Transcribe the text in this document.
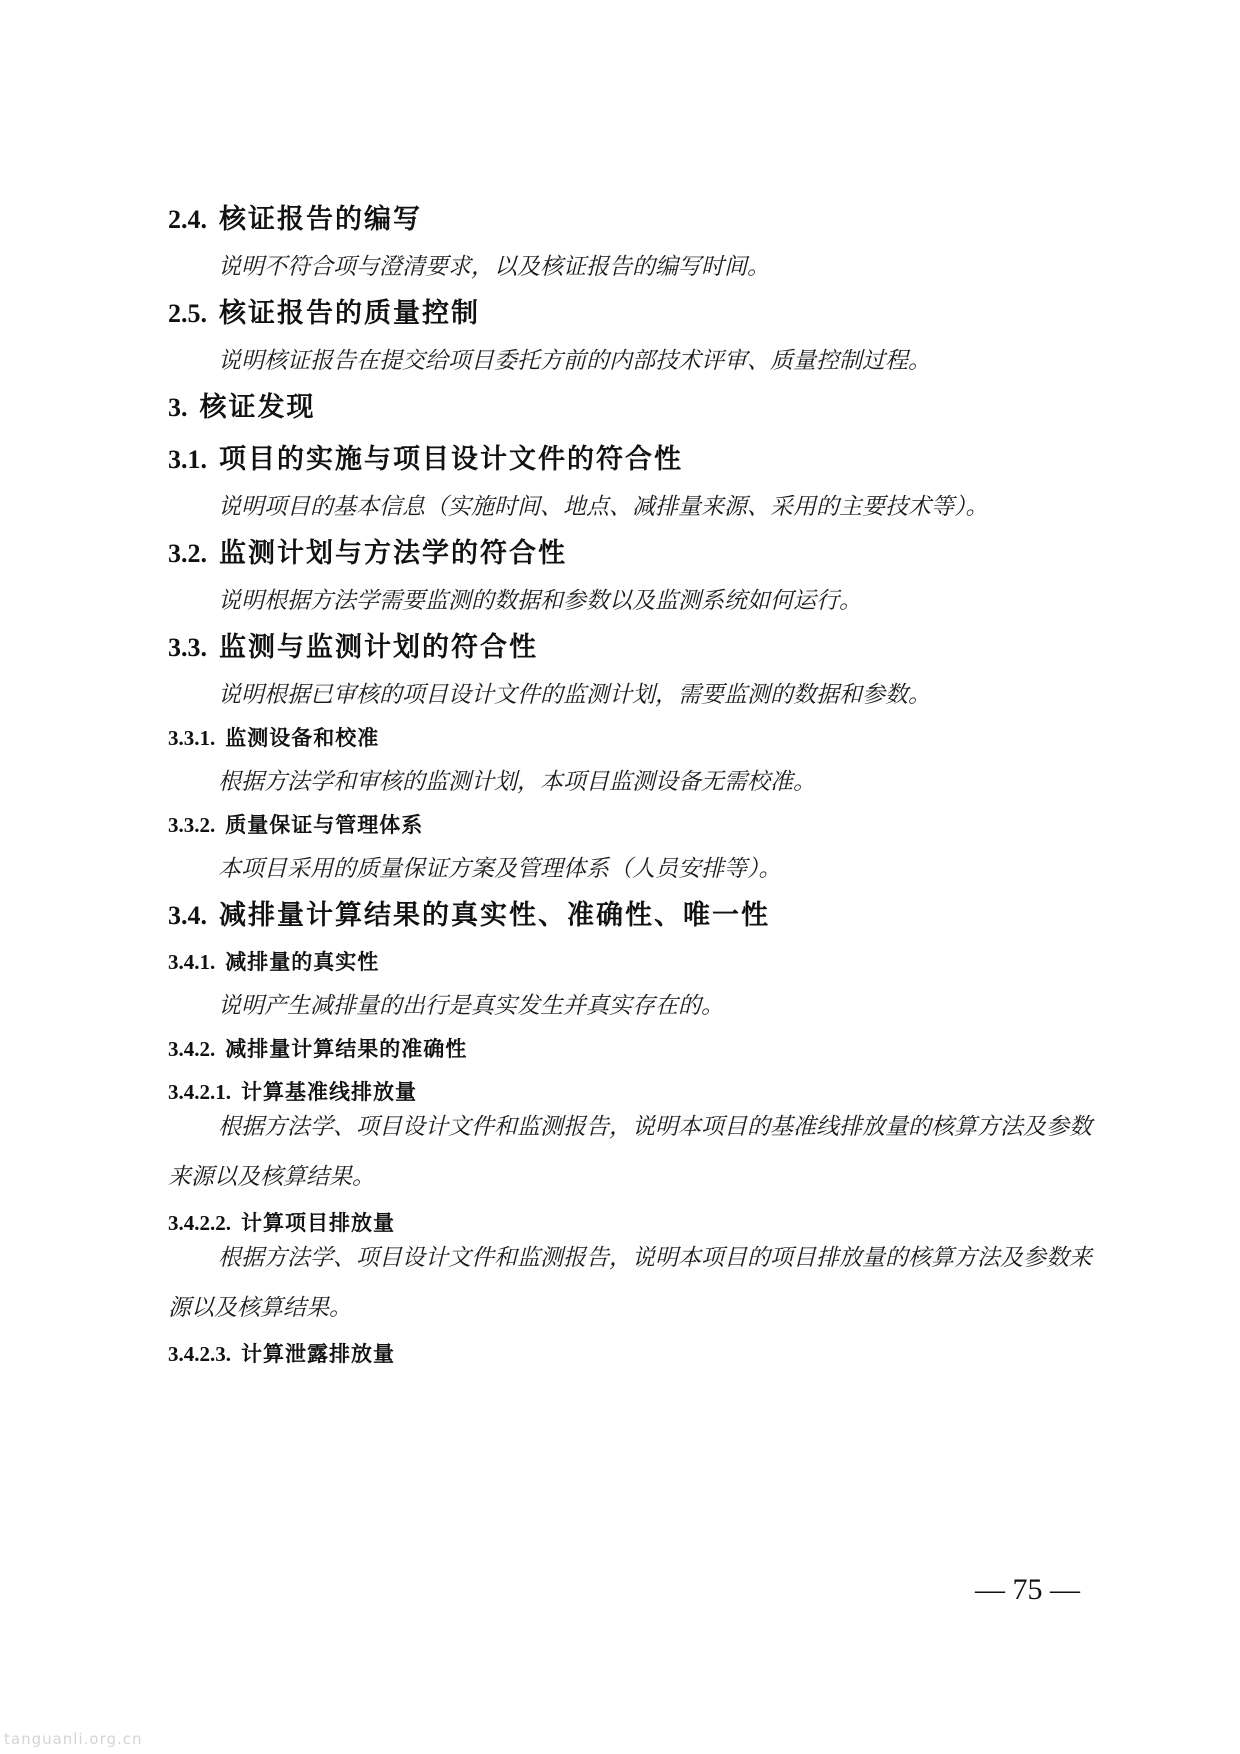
2.4. 核证报告的编写
说明不符合项与澄清要求，以及核证报告的编写时间。
2.5. 核证报告的质量控制
说明核证报告在提交给项目委托方前的内部技术评审、质量控制过程。
3. 核证发现
3.1. 项目的实施与项目设计文件的符合性
说明项目的基本信息（实施时间、地点、减排量来源、采用的主要技术等）。
3.2. 监测计划与方法学的符合性
说明根据方法学需要监测的数据和参数以及监测系统如何运行。
3.3. 监测与监测计划的符合性
说明根据已审核的项目设计文件的监测计划，需要监测的数据和参数。
3.3.1. 监测设备和校准
根据方法学和审核的监测计划，本项目监测设备无需校准。
3.3.2. 质量保证与管理体系
本项目采用的质量保证方案及管理体系（人员安排等）。
3.4. 减排量计算结果的真实性、准确性、唯一性
3.4.1. 减排量的真实性
说明产生减排量的出行是真实发生并真实存在的。
3.4.2. 减排量计算结果的准确性
3.4.2.1. 计算基准线排放量
根据方法学、项目设计文件和监测报告，说明本项目的基准线排放量的核算方法及参数来源以及核算结果。
3.4.2.2. 计算项目排放量
根据方法学、项目设计文件和监测报告，说明本项目的项目排放量的核算方法及参数来源以及核算结果。
3.4.2.3. 计算泄露排放量
— 75 —
tanguanli.org.cn
